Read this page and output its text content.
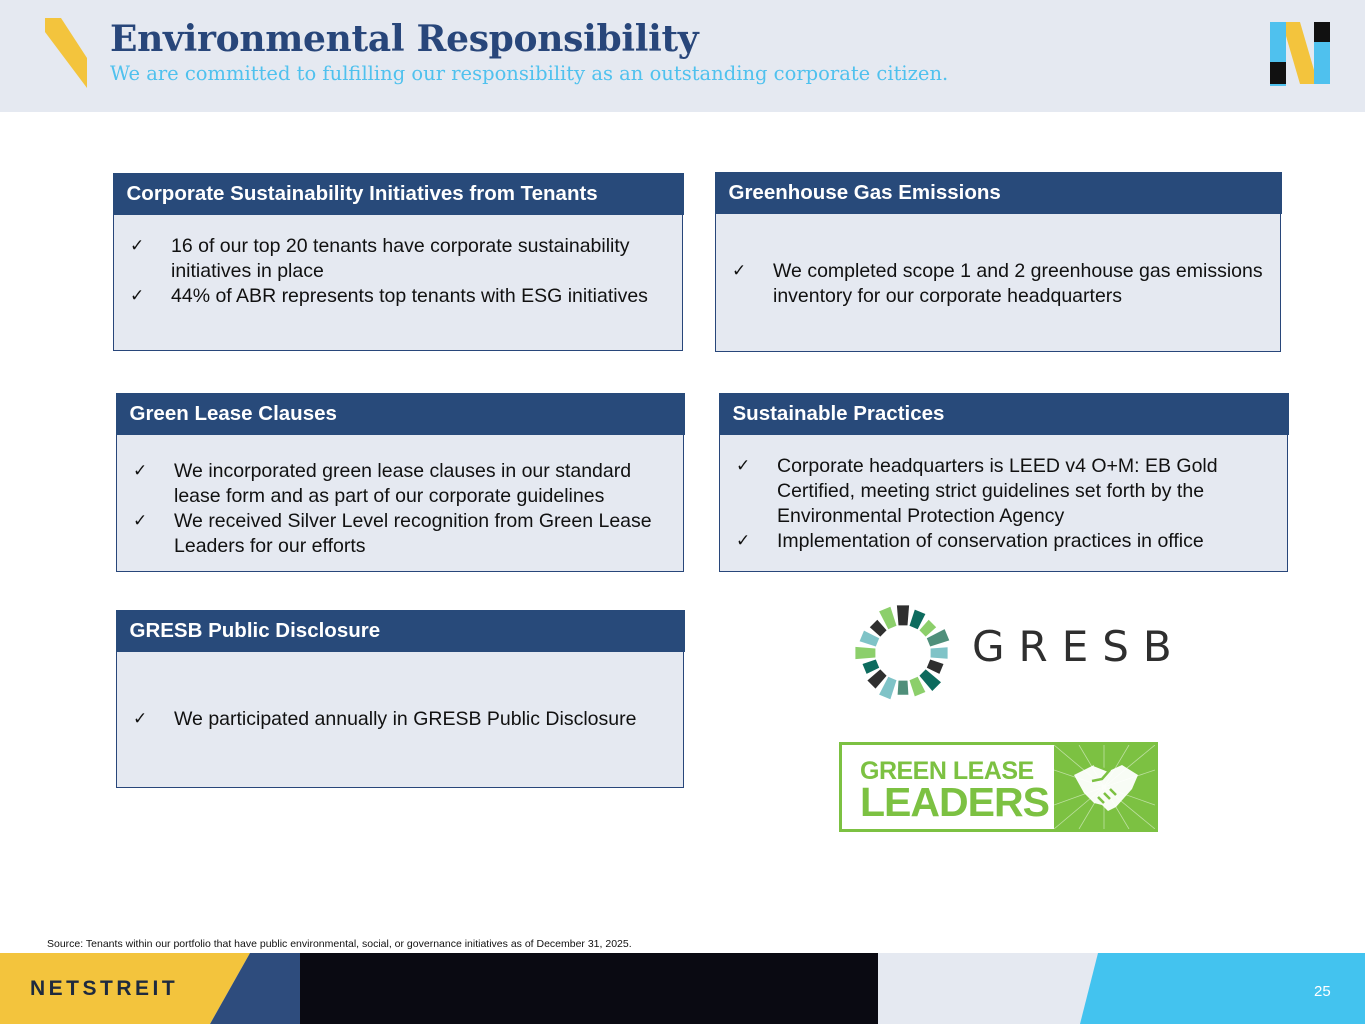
Environmental Responsibility
We are committed to fulfilling our responsibility as an outstanding corporate citizen.
Corporate Sustainability Initiatives from Tenants
✓ 16 of our top 20 tenants have corporate sustainability initiatives in place
✓ 44% of ABR represents top tenants with ESG initiatives
Greenhouse Gas Emissions
✓ We completed scope 1 and 2 greenhouse gas emissions inventory for our corporate headquarters
Green Lease Clauses
✓ We incorporated green lease clauses in our standard lease form and as part of our corporate guidelines
✓ We received Silver Level recognition from Green Lease Leaders for our efforts
Sustainable Practices
✓ Corporate headquarters is LEED v4 O+M: EB Gold Certified, meeting strict guidelines set forth by the Environmental Protection Agency
✓ Implementation of conservation practices in office
GRESB Public Disclosure
✓ We participated annually in GRESB Public Disclosure
GRESB
GREEN LEASE
LEADERS
Source: Tenants within our portfolio that have public environmental, social, or governance initiatives as of December 31, 2025.
NETSTREIT	25
